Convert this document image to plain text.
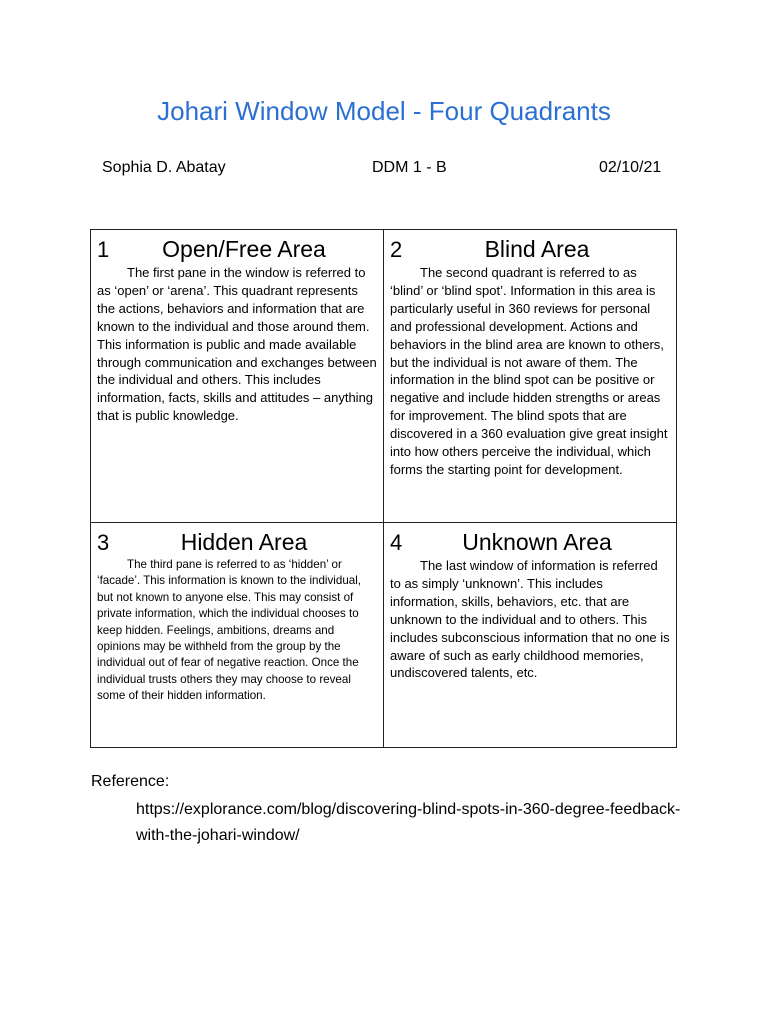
Johari Window Model - Four Quadrants
Sophia D. Abatay	DDM 1 - B	02/10/21
1	Open/Free Area

The first pane in the window is referred to as ‘open’ or ‘arena’. This quadrant represents the actions, behaviors and information that are known to the individual and those around them. This information is public and made available through communication and exchanges between the individual and others. This includes information, facts, skills and attitudes – anything that is public knowledge.

2	Blind Area

The second quadrant is referred to as ‘blind’ or ‘blind spot’. Information in this area is particularly useful in 360 reviews for personal and professional development. Actions and behaviors in the blind area are known to others, but the individual is not aware of them. The information in the blind spot can be positive or negative and include hidden strengths or areas for improvement. The blind spots that are discovered in a 360 evaluation give great insight into how others perceive the individual, which forms the starting point for development.

3	Hidden Area

The third pane is referred to as ‘hidden’ or ‘facade’. This information is known to the individual, but not known to anyone else. This may consist of private information, which the individual chooses to keep hidden. Feelings, ambitions, dreams and opinions may be withheld from the group by the individual out of fear of negative reaction. Once the individual trusts others they may choose to reveal some of their hidden information.

4	Unknown Area

The last window of information is referred to as simply ‘unknown’. This includes information, skills, behaviors, etc. that are unknown to the individual and to others. This includes subconscious information that no one is aware of such as early childhood memories, undiscovered talents, etc.

Reference:
https://explorance.com/blog/discovering-blind-spots-in-360-degree-feedback-with-the-johari-window/
